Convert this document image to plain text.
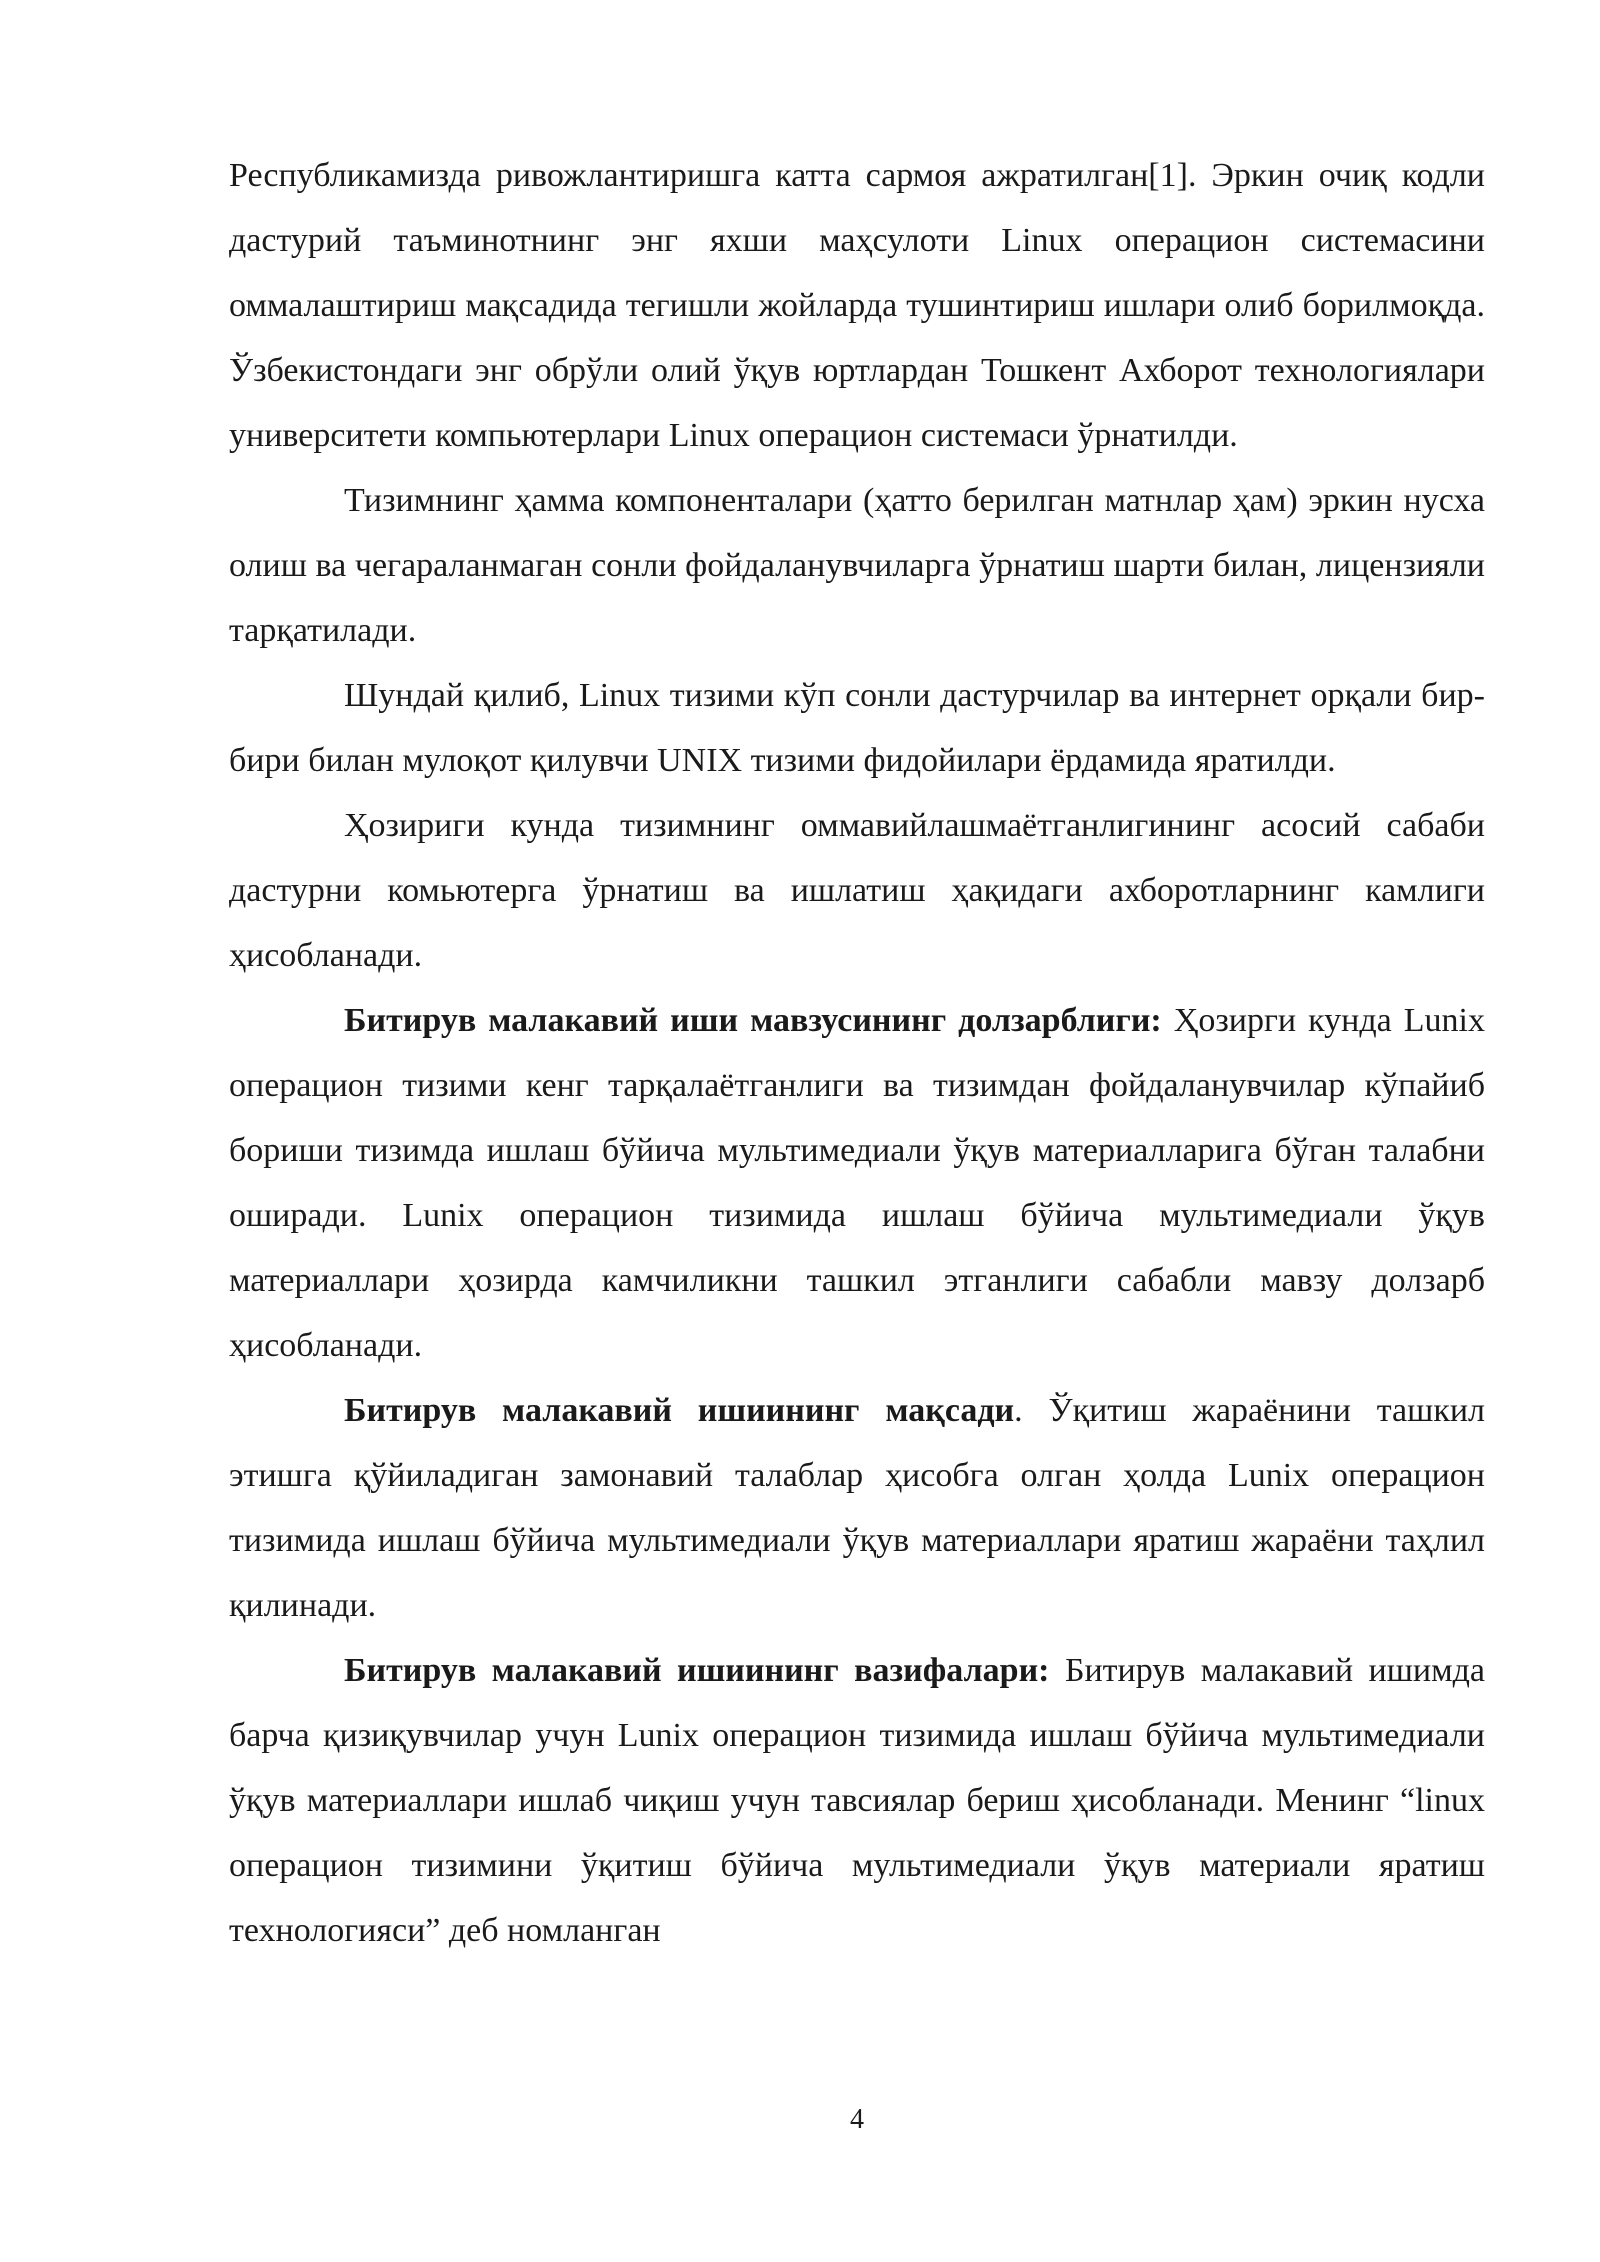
Республикамизда ривожлантиришга катта сармоя ажратилган[1]. Эркин очиқ кодли дастурий таъминотнинг энг яхши маҳсулоти Linux операцион системасини оммалаштириш мақсадида тегишли жойларда тушинтириш ишлари олиб борилмоқда. Ўзбекистондаги энг обрўли олий ўқув юртлардан Тошкент Ахборот технологиялари университети компьютерлари Linux операцион системаси ўрнатилди.

Тизимнинг ҳамма компоненталари (ҳатто берилган матнлар ҳам) эркин нусха олиш ва чегараланмаган сонли фойдаланувчиларга ўрнатиш шарти билан, лицензияли тарқатилади.

Шундай қилиб, Linux тизими кўп сонли дастурчилар ва интернет орқали бир-бири билан мулоқот қилувчи UNIX тизими фидойилари ёрдамида яратилди.

Ҳозириги кунда тизимнинг оммавийлашмаётганлигининг асосий сабаби дастурни комьютерга ўрнатиш ва ишлатиш ҳақидаги ахборотларнинг камлиги ҳисобланади.

Битирув малакавий иши мавзусининг долзарблиги: Ҳозирги кунда Lunix операцион тизими кенг тарқалаётганлиги ва тизимдан фойдаланувчилар кўпайиб бориши тизимда ишлаш бўйича мультимедиали ўқув материалларига бўган талабни оширади. Lunix операцион тизимида ишлаш бўйича мультимедиали ўқув материаллари ҳозирда камчиликни ташкил этганлиги сабабли мавзу долзарб ҳисобланади.

Битирув малакавий ишиининг мақсади. Ўқитиш жараёнини ташкил этишга қўйиладиган замонавий талаблар ҳисобга олган ҳолда Lunix операцион тизимида ишлаш бўйича мультимедиали ўқув материаллари яратиш жараёни таҳлил қилинади.

Битирув малакавий ишиининг вазифалари: Битирув малакавий ишимда барча қизиқувчилар учун Lunix операцион тизимида ишлаш бўйича мультимедиали ўқув материаллари ишлаб чиқиш учун тавсиялар бериш ҳисобланади. Менинг “linux операцион тизимини ўқитиш бўйича мультимедиали ўқув материали яратиш технологияси” деб номланган

4
